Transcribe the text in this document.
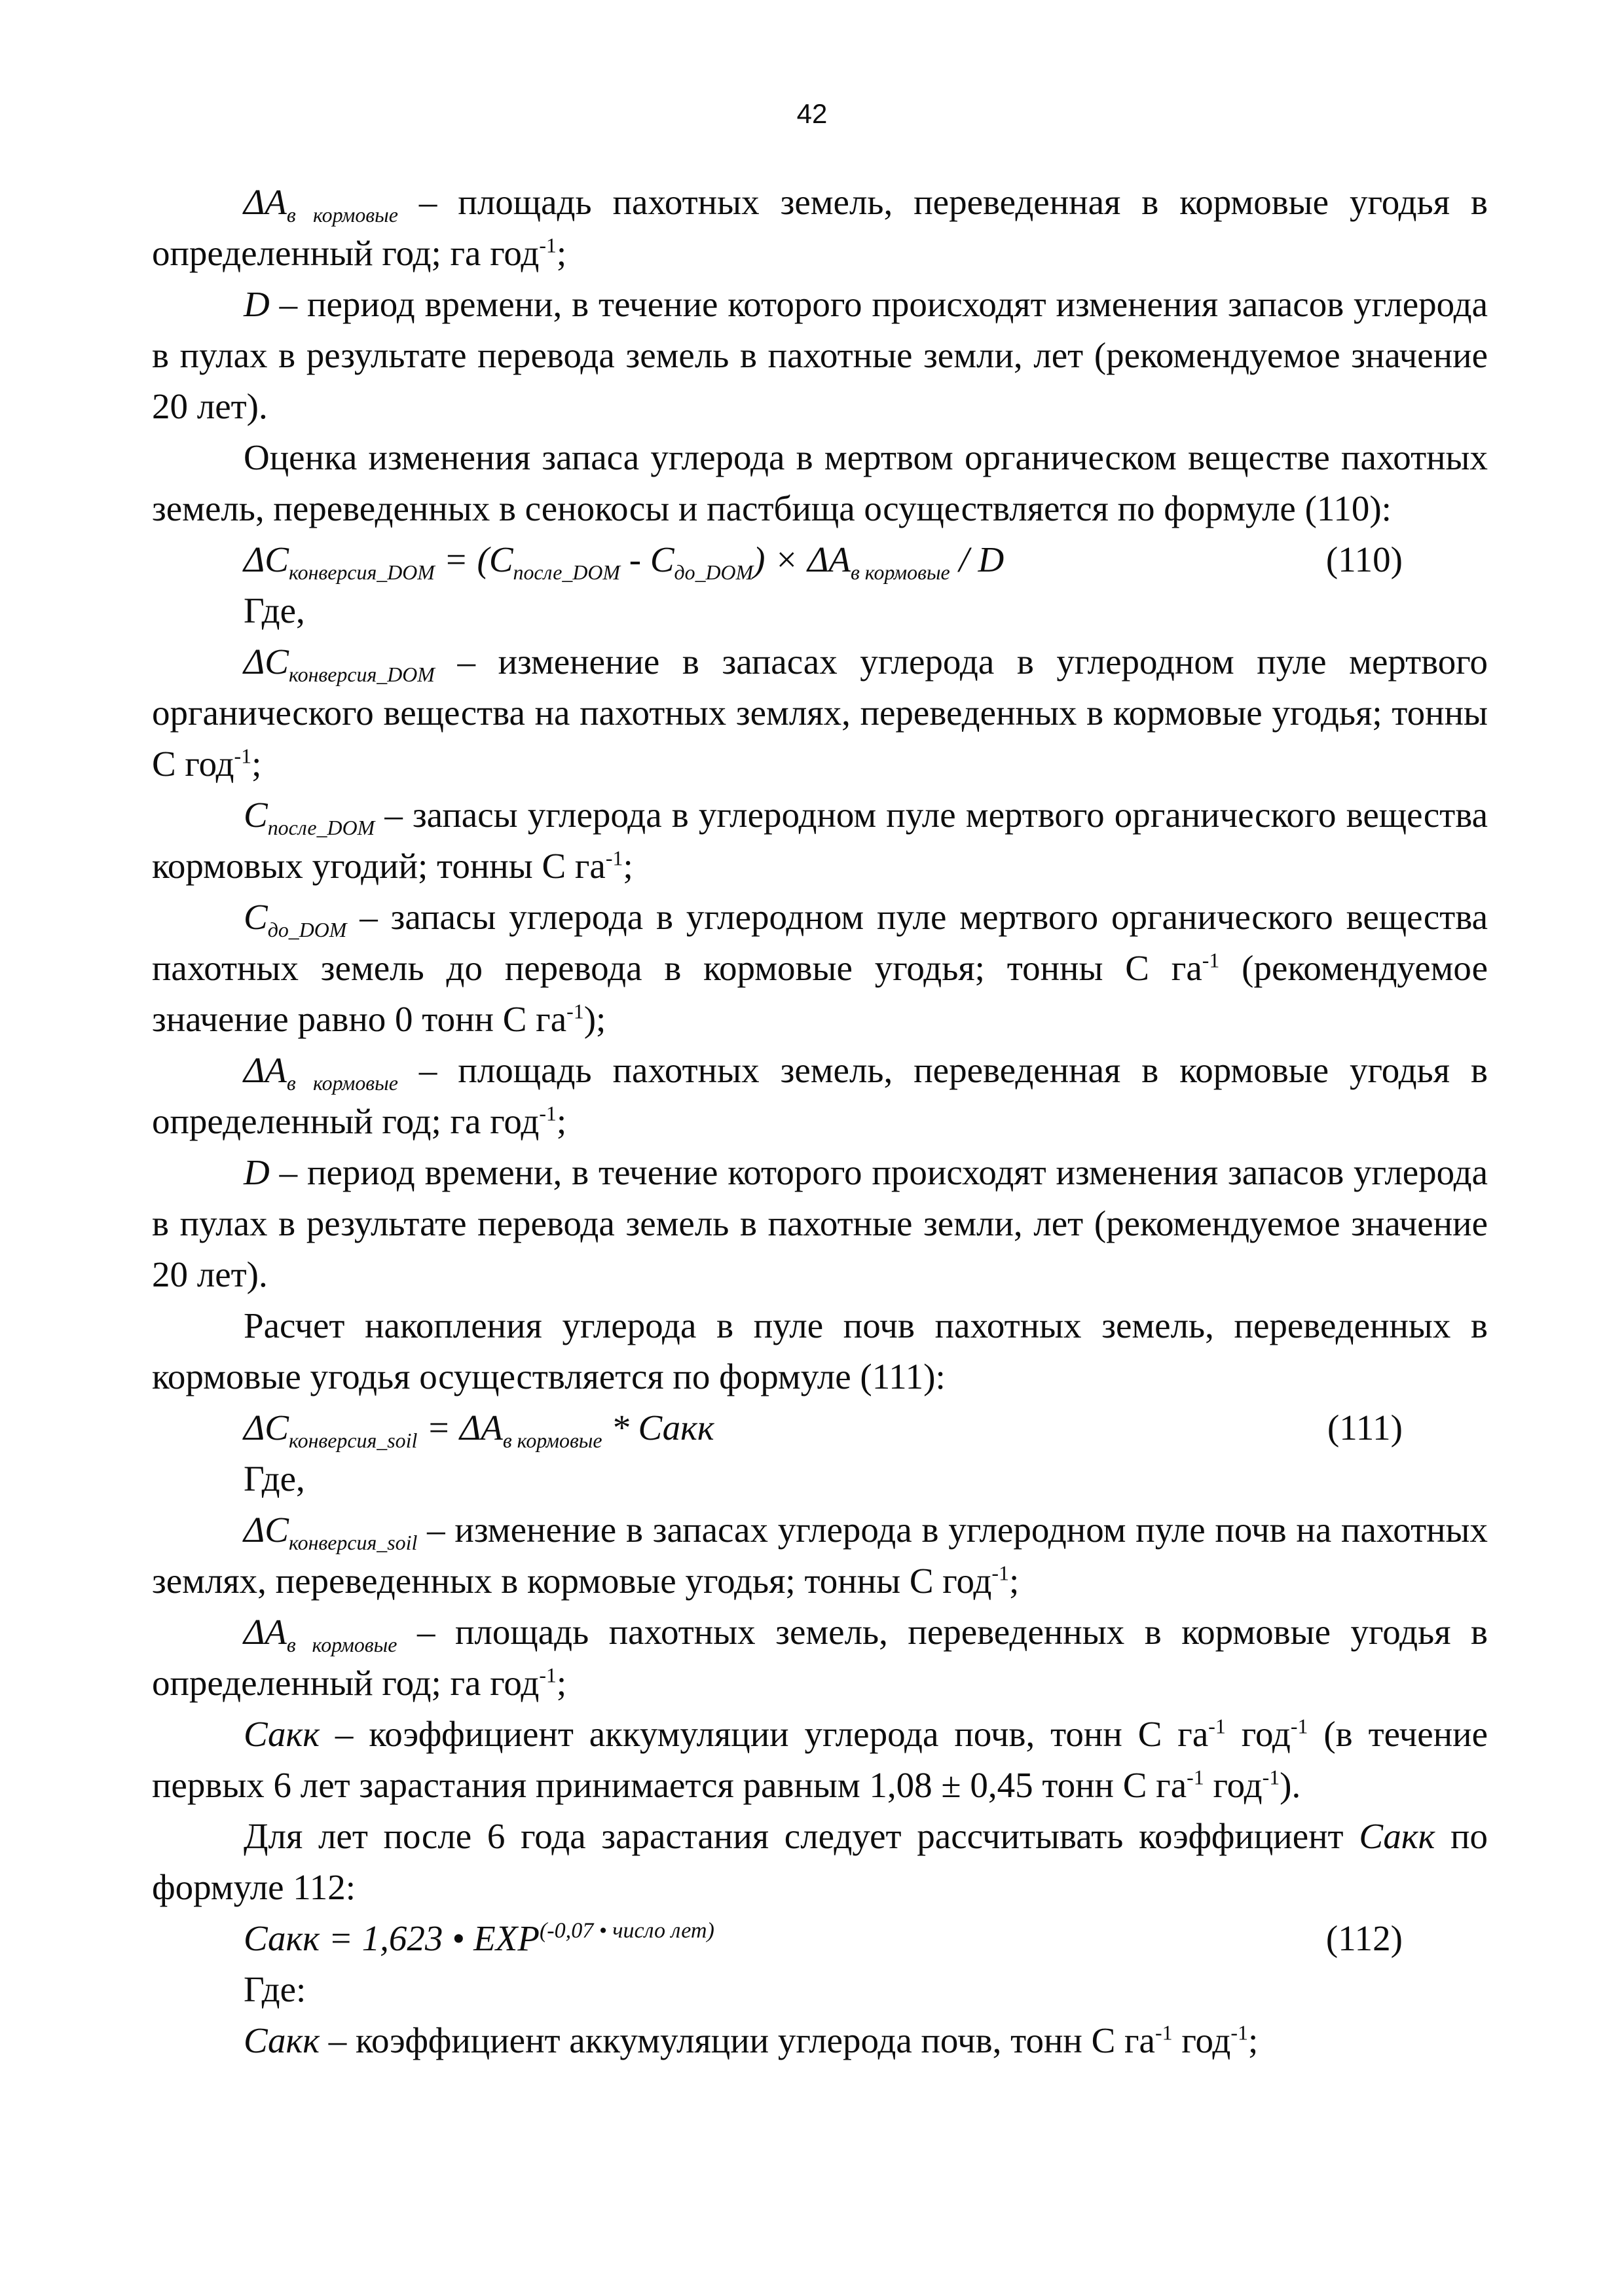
42

$\Delta A_{в кормовые}$ – площадь пахотных земель, переведенная в кормовые угодья в определенный год; га год$^{-1}$;

D – период времени, в течение которого происходят изменения запасов углерода в пулах в результате перевода земель в пахотные земли, лет (рекомендуемое значение 20 лет).

Оценка изменения запаса углерода в мертвом органическом веществе пахотных земель, переведенных в сенокосы и пастбища осуществляется по формуле (110):

$\Delta C_{конверсия\_DOM} = (C_{после\_DOM} - C_{до\_DOM}) \times \Delta A_{в кормовые} / D$	(110)

Где,

$\Delta C_{конверсия\_DOM}$ – изменение в запасах углерода в углеродном пуле мертвого органического вещества на пахотных землях, переведенных в кормовые угодья; тонны С год$^{-1}$;

$C_{после\_DOM}$ – запасы углерода в углеродном пуле мертвого органического вещества кормовых угодий; тонны С $га^{-1}$;

$C_{до\_DOM}$ – запасы углерода в углеродном пуле мертвого органического вещества пахотных земель до перевода в кормовые угодья; тонны С $га^{-1}$ (рекомендуемое значение равно 0 тонн С $га^{-1}$);

$\Delta A_{в кормовые}$ – площадь пахотных земель, переведенная в кормовые угодья в определенный год; га год$^{-1}$;

D – период времени, в течение которого происходят изменения запасов углерода в пулах в результате перевода земель в пахотные земли, лет (рекомендуемое значение 20 лет).

Расчет накопления углерода в пуле почв пахотных земель, переведенных в кормовые угодья осуществляется по формуле (111):

$\Delta C_{конверсия\_soil} = \Delta A_{в кормовые}$ * Сакк	(111)

Где,

$\Delta C_{конверсия\_soil}$ – изменение в запасах углерода в углеродном пуле почв на пахотных землях, переведенных в кормовые угодья; тонны С год$^{-1}$;

$\Delta A_{в кормовые}$ – площадь пахотных земель, переведенных в кормовые угодья в определенный год; га год$^{-1}$;

Сакк – коэффициент аккумуляции углерода почв, тонн С $га^{-1}$ год$^{-1}$ (в течение первых 6 лет зарастания принимается равным 1,08 ± 0,45 тонн С $га^{-1}$ год$^{-1}$).

Для лет после 6 года зарастания следует рассчитывать коэффициент Сакк по формуле 112:

Сакк = 1,623 • $EXP^{(-0,07 • число лет)}$	(112)

Где:

Сакк – коэффициент аккумуляции углерода почв, тонн С $га^{-1}$ год$^{-1}$;
